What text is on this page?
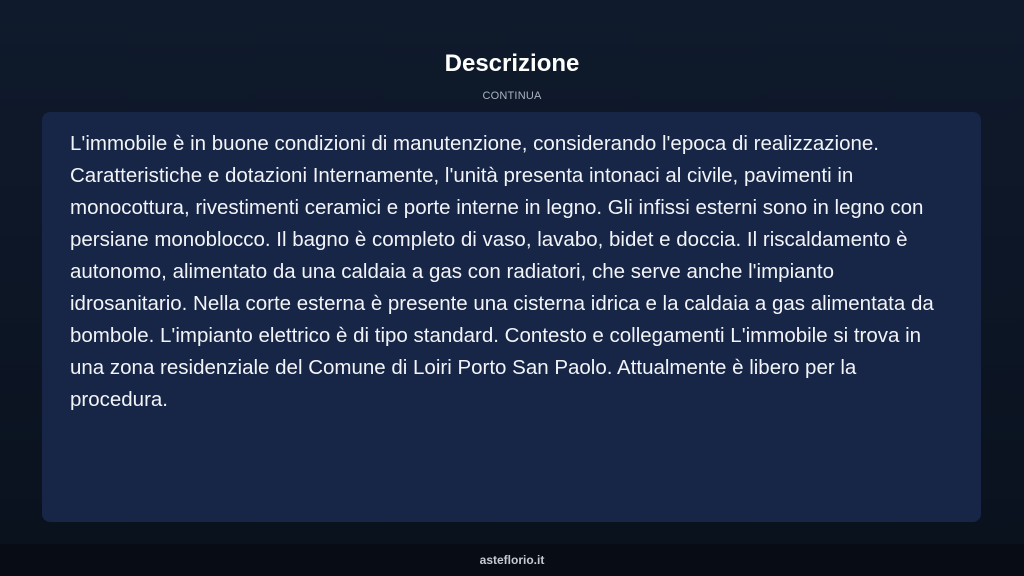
Descrizione
CONTINUA

L'immobile è in buone condizioni di manutenzione, considerando l'epoca di realizzazione. Caratteristiche e dotazioni Internamente, l'unità presenta intonaci al civile, pavimenti in monocottura, rivestimenti ceramici e porte interne in legno. Gli infissi esterni sono in legno con persiane monoblocco. Il bagno è completo di vaso, lavabo, bidet e doccia. Il riscaldamento è autonomo, alimentato da una caldaia a gas con radiatori, che serve anche l'impianto idrosanitario. Nella corte esterna è presente una cisterna idrica e la caldaia a gas alimentata da bombole. L'impianto elettrico è di tipo standard. Contesto e collegamenti L'immobile si trova in una zona residenziale del Comune di Loiri Porto San Paolo. Attualmente è libero per la procedura.

asteflorio.it
